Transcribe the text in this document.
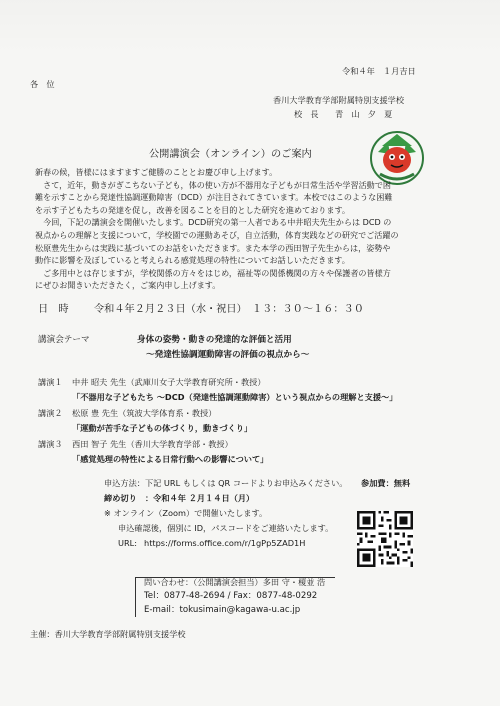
令和４年　１月吉日
各　位
香川大学教育学部附属特別支援学校
校　長　　青　山　夕　夏
公開講演会（オンライン）のご案内

新春の候，皆様にはますますご健勝のこととお慶び申し上げます。

　さて，近年，動きがぎこちない子ども，体の使い方が不器用な子どもが日常生活や学習活動で困

難を示すことから発達性協調運動障害（DCD）が注目されてきています。本校ではこのような困難

を示す子どもたちの発達を促し，改善を図ることを目的とした研究を進めております。

　今回，下記の講演会を開催いたします。DCD研究の第一人者である中井昭夫先生からは DCD の

視点からの理解と支援について，学校園での運動あそび，自立活動，体育実践などの研究でご活躍の

松原豊先生からは実践に基づいてのお話をいただきます。また本学の西田智子先生からは，姿勢や

動作に影響を及ぼしていると考えられる感覚処理の特性についてお話しいただきます。

　ご多用中とは存じますが，学校関係の方々をはじめ，福祉等の関係機関の方々や保護者の皆様方

にぜひお聞きいただきたく，ご案内申し上げます。

日　時 令和４年２月２３日（水・祝日）　１３：３０〜１６：３０
講演会テーマ	身体の姿勢・動きの発達的な評価と活用
〜発達性協調運動障害の評価の視点から〜
講演１ 中井 昭夫 先生（武庫川女子大学教育研究所・教授）
「不器用な子どもたち 〜DCD（発達性協調運動障害）という視点からの理解と支援〜」
講演２ 松原 豊 先生（筑波大学体育系・教授）
「運動が苦手な子どもの体づくり，動きづくり」
講演３ 西田 智子 先生（香川大学教育学部・教授）
「感覚処理の特性による日常行動への影響について」
申込方法：下記 URL もしくは QR コードよりお申込みください。 参加費：無料
締め切り　：令和４年 ２月１４日（月）
※ オンライン（Zoom）で開催いたします。
申込確認後，個別に ID，パスコードをご連絡いたします。
URL: https://forms.office.com/r/1gPp5ZAD1H
問い合わせ：（公開講演会担当）多田 守・榎並 浩
Tel：0877-48-2694 / Fax：0877-48-0292
E-mail：tokusimain@kagawa-u.ac.jp
主催：香川大学教育学部附属特別支援学校
